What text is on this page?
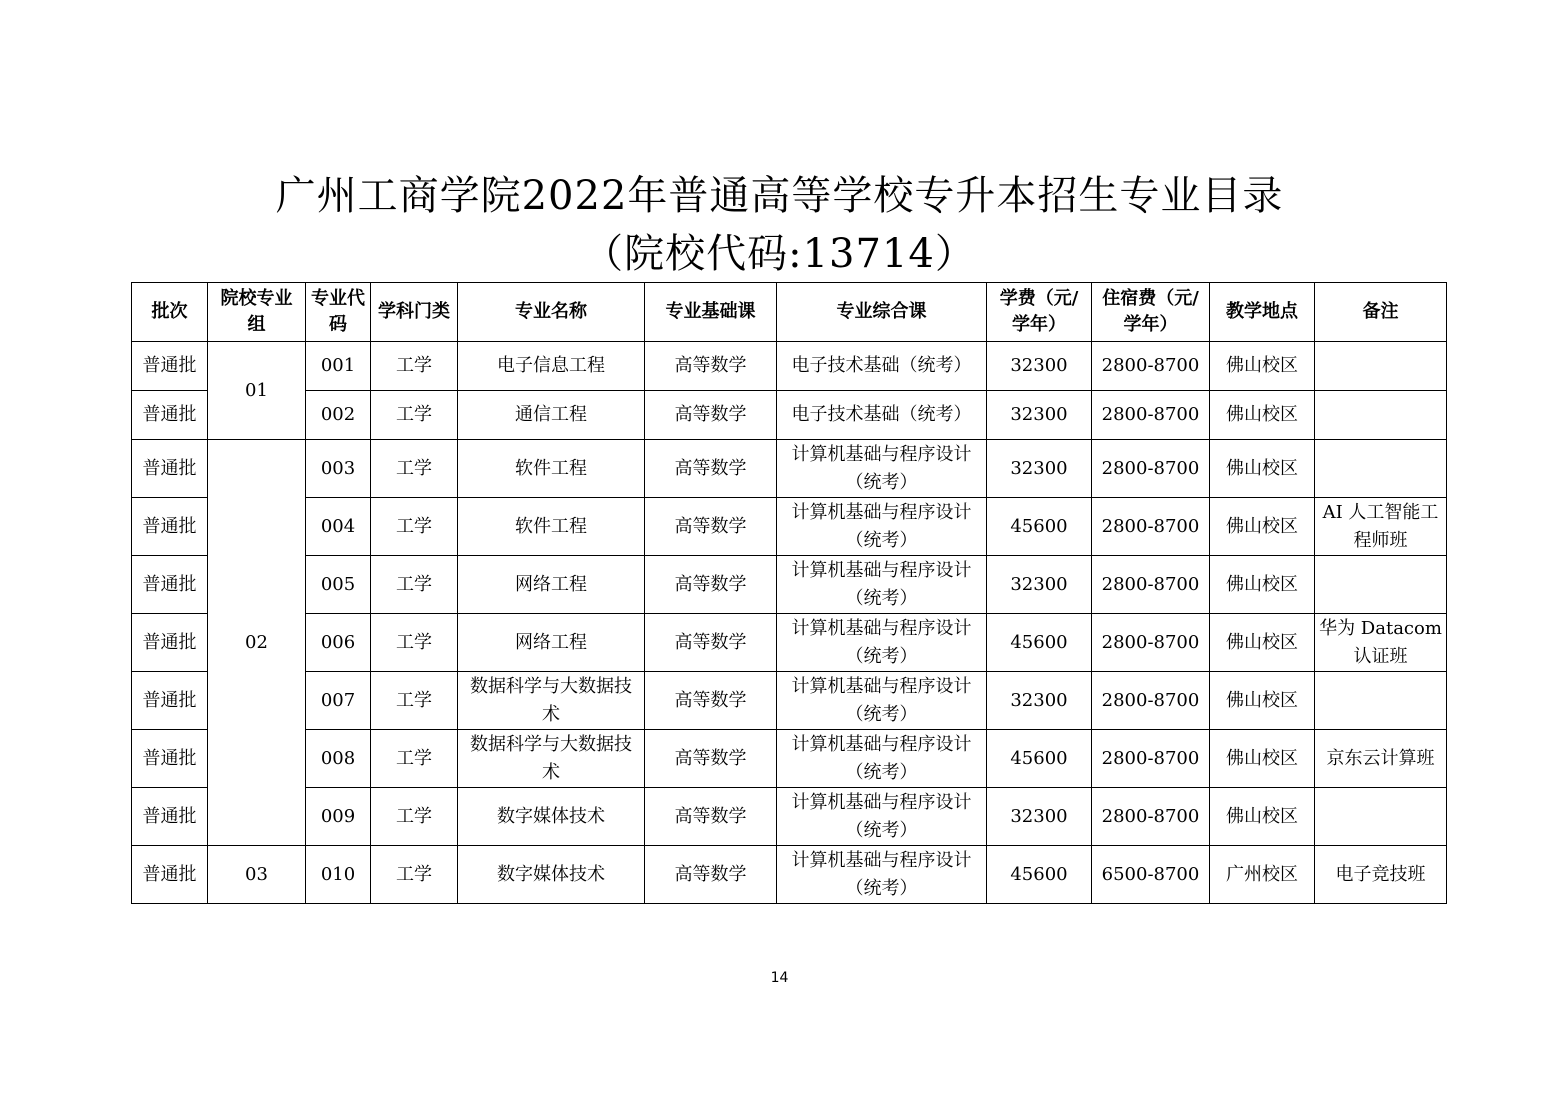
广州工商学院2022年普通高等学校专升本招生专业目录
（院校代码:13714）
批次	院校专业组	专业代码	学科门类	专业名称	专业基础课	专业综合课	学费（元/学年）	住宿费（元/学年）	教学地点	备注
普通批	01	001	工学	电子信息工程	高等数学	电子技术基础（统考）	32300	2800-8700	佛山校区	
普通批		002	工学	通信工程	高等数学	电子技术基础（统考）	32300	2800-8700	佛山校区	
普通批	02	003	工学	软件工程	高等数学	计算机基础与程序设计（统考）	32300	2800-8700	佛山校区	
普通批		004	工学	软件工程	高等数学	计算机基础与程序设计（统考）	45600	2800-8700	佛山校区	AI 人工智能工程师班
普通批		005	工学	网络工程	高等数学	计算机基础与程序设计（统考）	32300	2800-8700	佛山校区	
普通批		006	工学	网络工程	高等数学	计算机基础与程序设计（统考）	45600	2800-8700	佛山校区	华为 Datacom 认证班
普通批		007	工学	数据科学与大数据技术	高等数学	计算机基础与程序设计（统考）	32300	2800-8700	佛山校区	
普通批		008	工学	数据科学与大数据技术	高等数学	计算机基础与程序设计（统考）	45600	2800-8700	佛山校区	京东云计算班
普通批		009	工学	数字媒体技术	高等数学	计算机基础与程序设计（统考）	32300	2800-8700	佛山校区	
普通批	03	010	工学	数字媒体技术	高等数学	计算机基础与程序设计（统考）	45600	6500-8700	广州校区	电子竞技班
14
